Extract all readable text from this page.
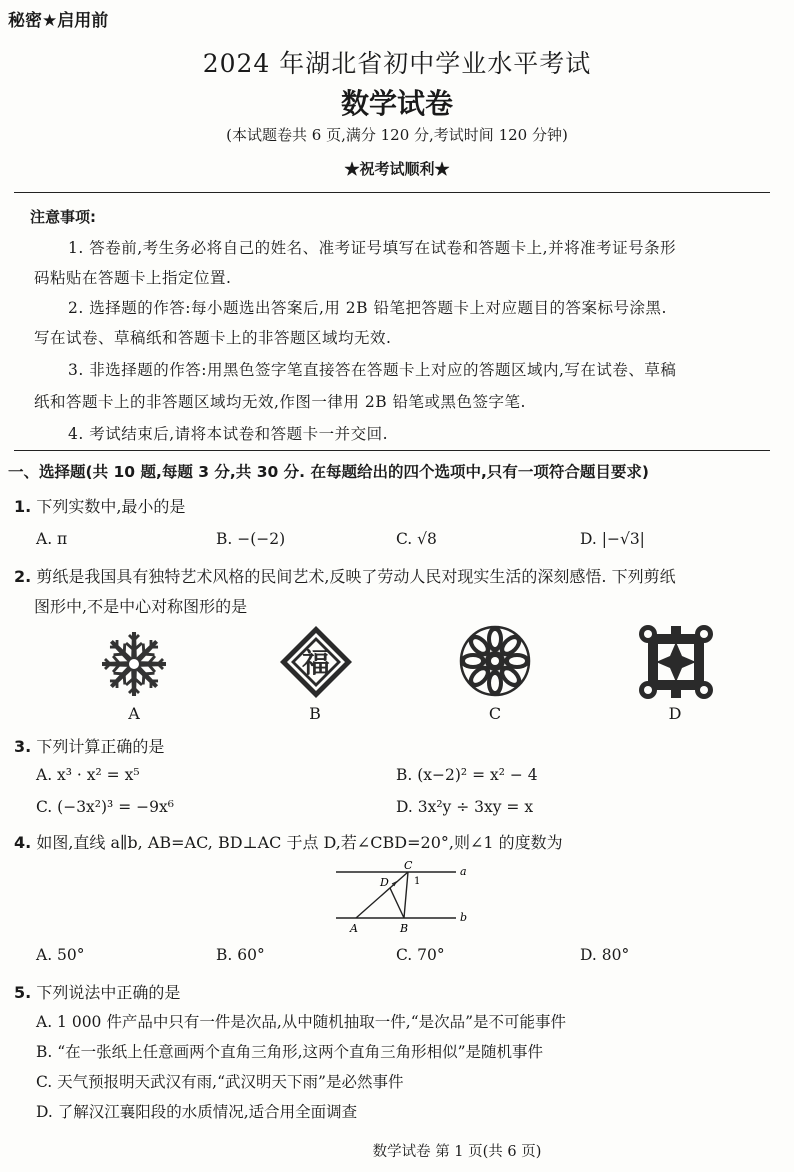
秘密★启用前
2024 年湖北省初中学业水平考试
数学试卷
(本试题卷共 6 页,满分 120 分,考试时间 120 分钟)
★祝考试顺利★
注意事项:
1. 答卷前,考生务必将自己的姓名、准考证号填写在试卷和答题卡上,并将准考证号条形
码粘贴在答题卡上指定位置.
2. 选择题的作答:每小题选出答案后,用 2B 铅笔把答题卡上对应题目的答案标号涂黑.
写在试卷、草稿纸和答题卡上的非答题区域均无效.
3. 非选择题的作答:用黑色签字笔直接答在答题卡上对应的答题区域内,写在试卷、草稿
纸和答题卡上的非答题区域均无效,作图一律用 2B 铅笔或黑色签字笔.
4. 考试结束后,请将本试卷和答题卡一并交回.
一、选择题(共 10 题,每题 3 分,共 30 分. 在每题给出的四个选项中,只有一项符合题目要求)
1. 下列实数中,最小的是
A. π	B. −(−2)	C. √8	D. |−√3|
2. 剪纸是我国具有独特艺术风格的民间艺术,反映了劳动人民对现实生活的深刻感悟. 下列剪纸
图形中,不是中心对称图形的是
A
福
B	C	D
3. 下列计算正确的是
A. x³ · x² = x⁵	B. (x−2)² = x² − 4
C. (−3x²)³ = −9x⁶	D. 3x²y ÷ 3xy = x
4. 如图,直线 a∥b, AB=AC, BD⊥AC 于点 D,若∠CBD=20°,则∠1 的度数为
C
D	1
a
b
A	B
A. 50°	B. 60°	C. 70°	D. 80°
5. 下列说法中正确的是
A. 1 000 件产品中只有一件是次品,从中随机抽取一件,“是次品”是不可能事件
B. “在一张纸上任意画两个直角三角形,这两个直角三角形相似”是随机事件
C. 天气预报明天武汉有雨,“武汉明天下雨”是必然事件
D. 了解汉江襄阳段的水质情况,适合用全面调查
数学试卷 第 1 页(共 6 页)
